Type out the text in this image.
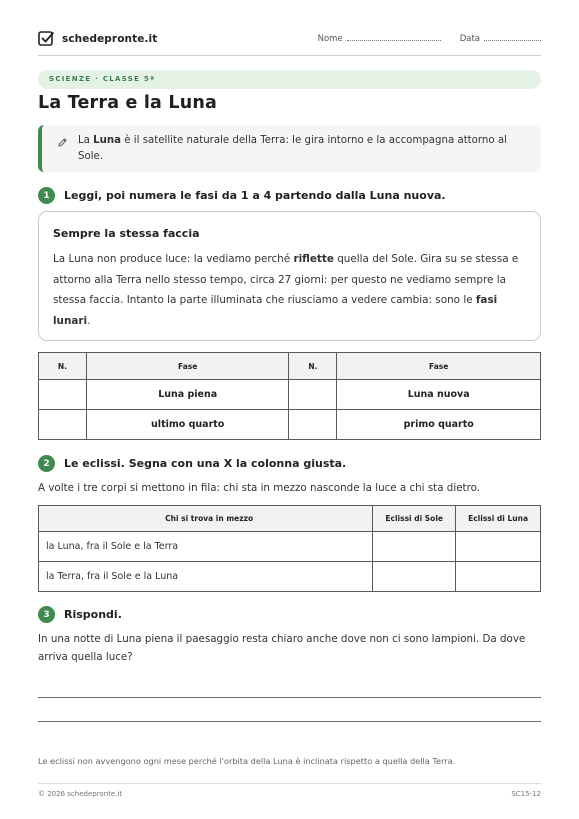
schedepronte.it	Nome	Data
SCIENZE · CLASSE 5ª
La Terra e la Luna
La Luna è il satellite naturale della Terra: le gira intorno e la accompagna attorno al Sole.
1	Leggi, poi numera le fasi da 1 a 4 partendo dalla Luna nuova.
Sempre la stessa faccia
La Luna non produce luce: la vediamo perché riflette quella del Sole. Gira su se stessa e attorno alla Terra nello stesso tempo, circa 27 giorni: per questo ne vediamo sempre la stessa faccia. Intanto la parte illuminata che riusciamo a vedere cambia: sono le fasi lunari.
N.	Fase	N.	Fase
	Luna piena		Luna nuova
	ultimo quarto		primo quarto
2	Le eclissi. Segna con una X la colonna giusta.
A volte i tre corpi si mettono in fila: chi sta in mezzo nasconde la luce a chi sta dietro.
Chi si trova in mezzo	Eclissi di Sole	Eclissi di Luna
la Luna, fra il Sole e la Terra		
la Terra, fra il Sole e la Luna		
3	Rispondi.
In una notte di Luna piena il paesaggio resta chiaro anche dove non ci sono lampioni. Da dove arriva quella luce?
Le eclissi non avvengono ogni mese perché l'orbita della Luna è inclinata rispetto a quella della Terra.
© 2026 schedepronte.it	SC15-12
